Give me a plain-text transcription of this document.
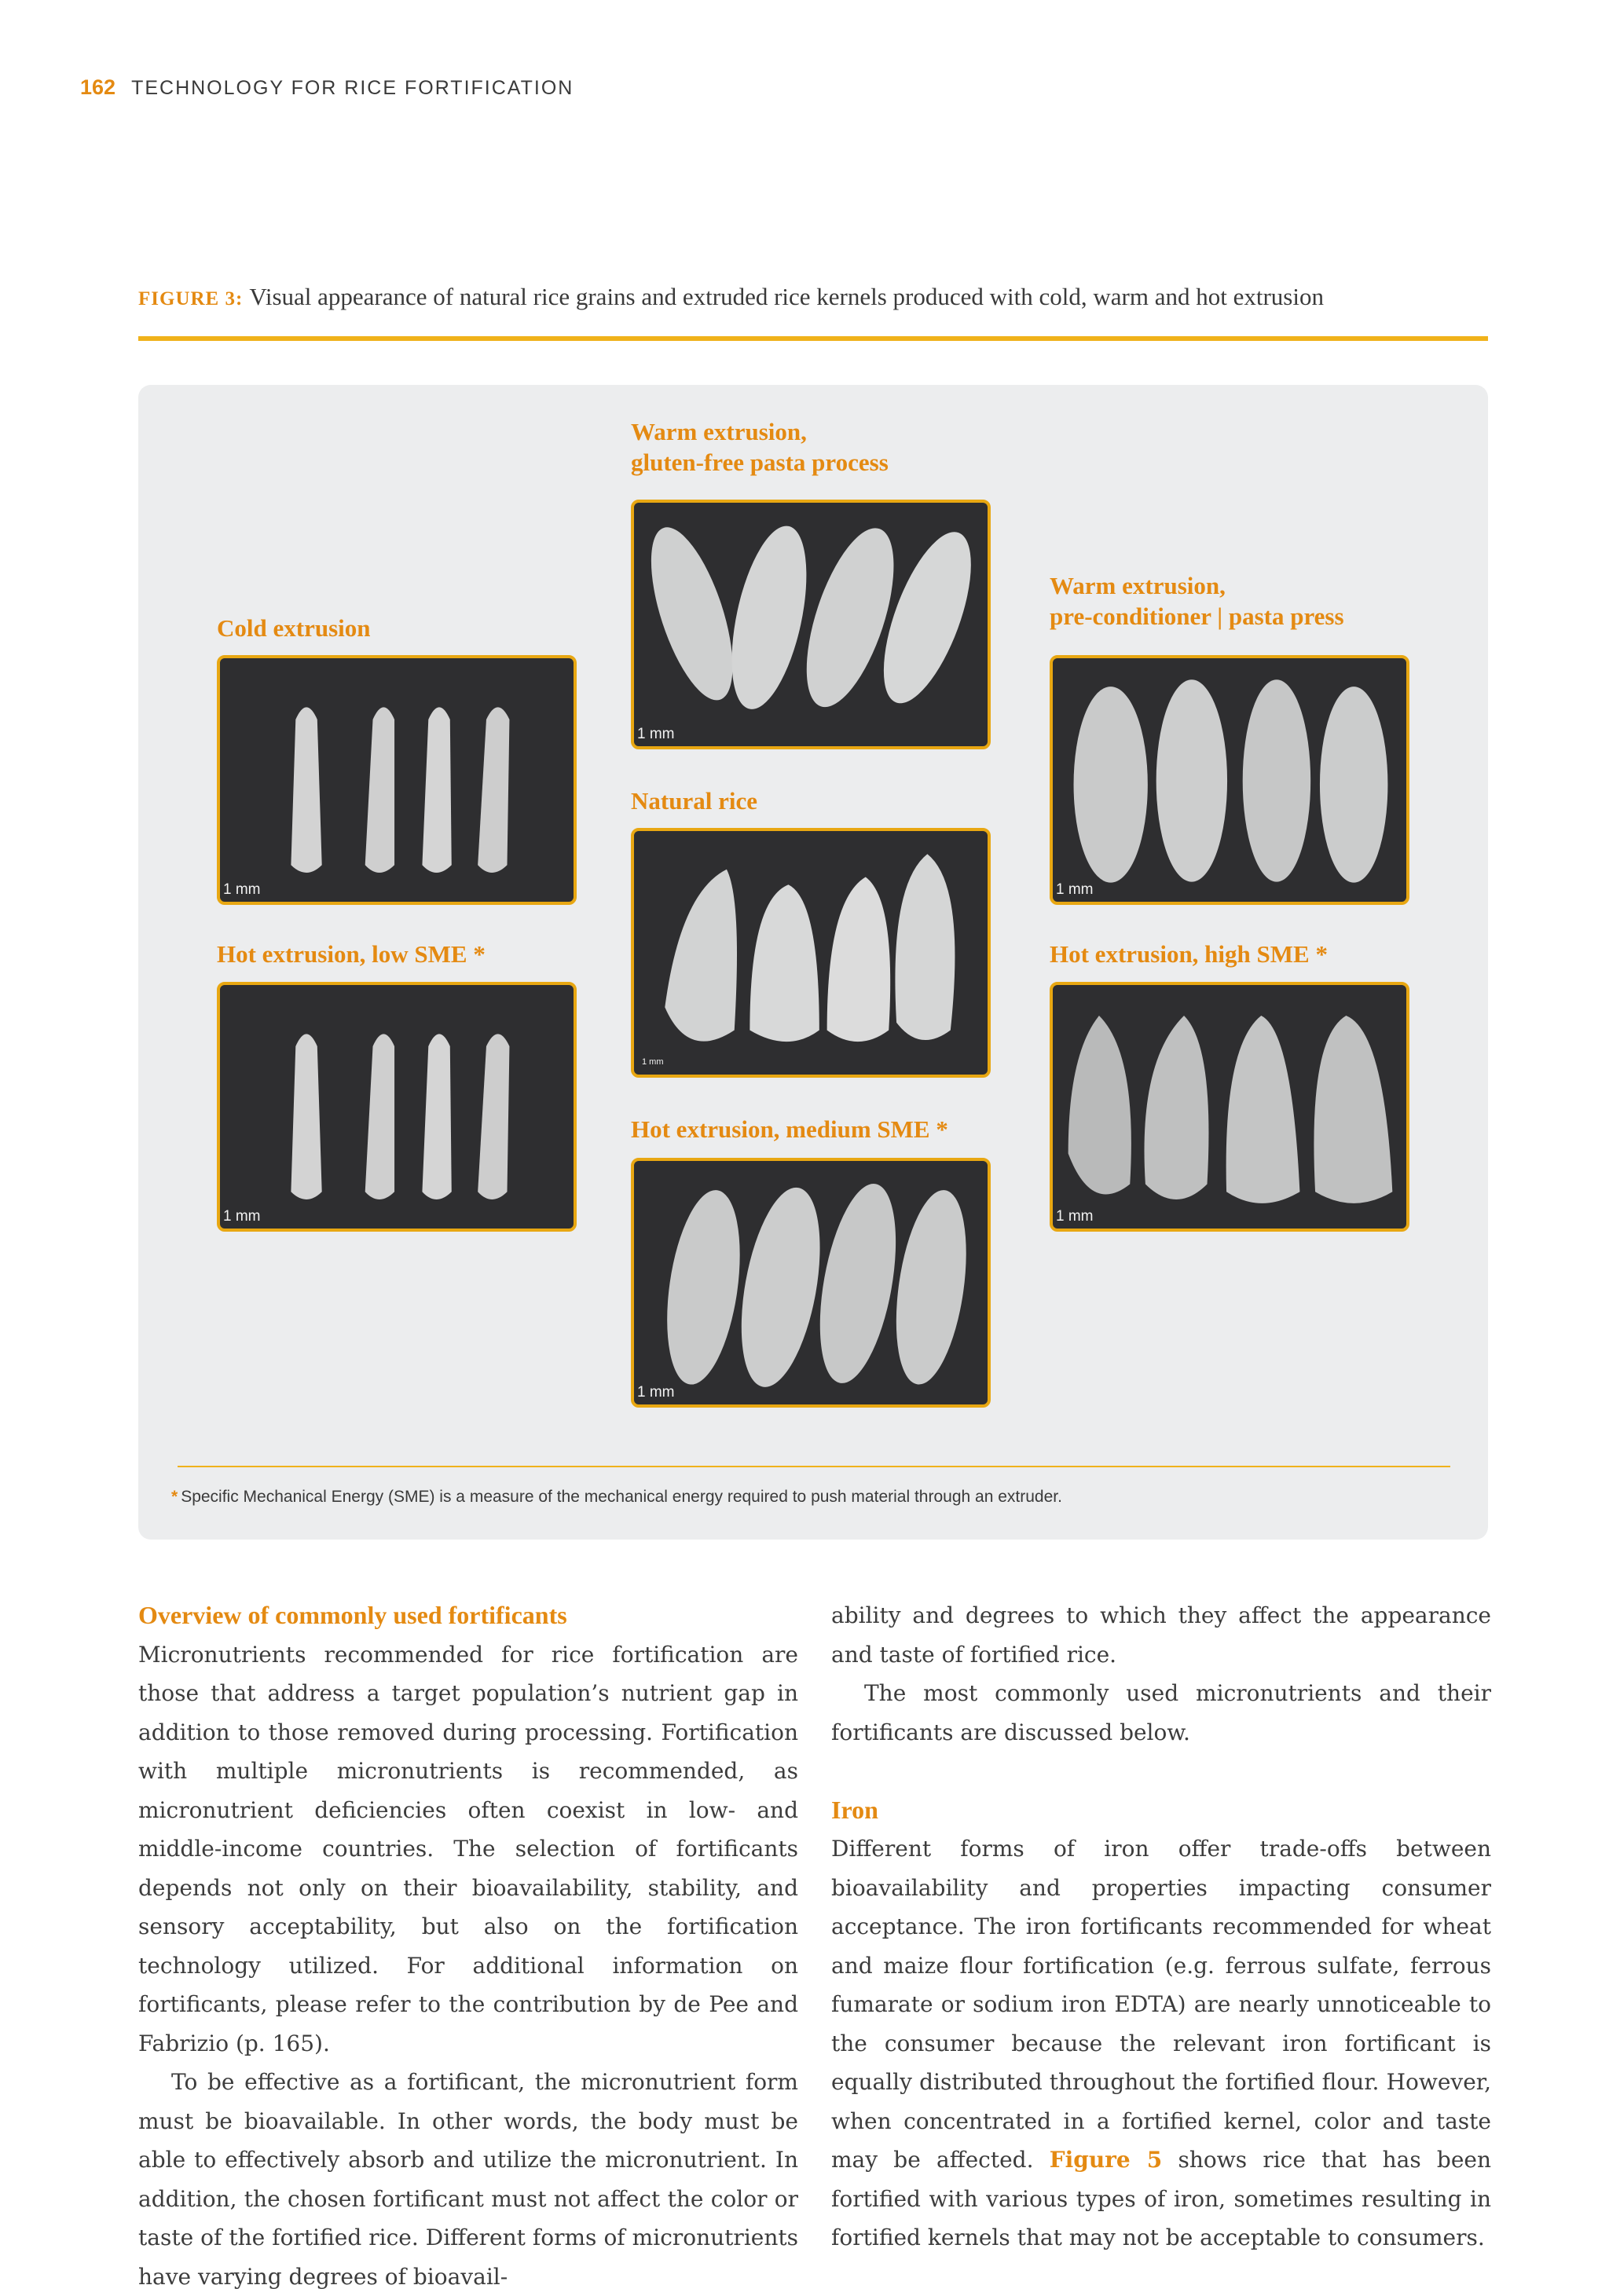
162 TECHNOLOGY FOR RICE FORTIFICATION
FIGURE 3: Visual appearance of natural rice grains and extruded rice kernels produced with cold, warm and hot extrusion
Warm extrusion,
gluten-free pasta process
1 mm
Cold extrusion
1 mm
Warm extrusion,
pre-conditioner | pasta press
1 mm
Natural rice
1 mm
Hot extrusion, low SME *
1 mm
Hot extrusion, high SME *
1 mm
Hot extrusion, medium SME *
1 mm
* Specific Mechanical Energy (SME) is a measure of the mechanical energy required to push material through an extruder.
Overview of commonly used fortificants

Micronutrients recommended for rice fortification are those that address a target population’s nutrient gap in addition to those removed during processing. Fortification with multiple micronutrients is recommended, as micronutrient deficiencies often coexist in low- and middle-income countries. The selection of fortificants depends not only on their bioavailability, stability, and sensory acceptability, but also on the fortification technology utilized. For additional information on fortificants, please refer to the contribution by de Pee and Fabrizio (p. 165).

To be effective as a fortificant, the micronutrient form must be bioavailable. In other words, the body must be able to effectively absorb and utilize the micronutrient. In addition, the chosen fortificant must not affect the color or taste of the fortified rice. Different forms of micronutrients have varying degrees of bioavail-

ability and degrees to which they affect the appearance and taste of fortified rice.

The most commonly used micronutrients and their fortificants are discussed below.

Iron

Different forms of iron offer trade-offs between bioavailability and properties impacting consumer acceptance. The iron fortificants recommended for wheat and maize flour fortification (e.g. ferrous sulfate, ferrous fumarate or sodium iron EDTA) are nearly unnoticeable to the consumer because the relevant iron fortificant is equally distributed throughout the fortified flour. However, when concentrated in a fortified kernel, color and taste may be affected. Figure 5 shows rice that has been fortified with various types of iron, sometimes resulting in fortified kernels that may not be acceptable to consumers.
